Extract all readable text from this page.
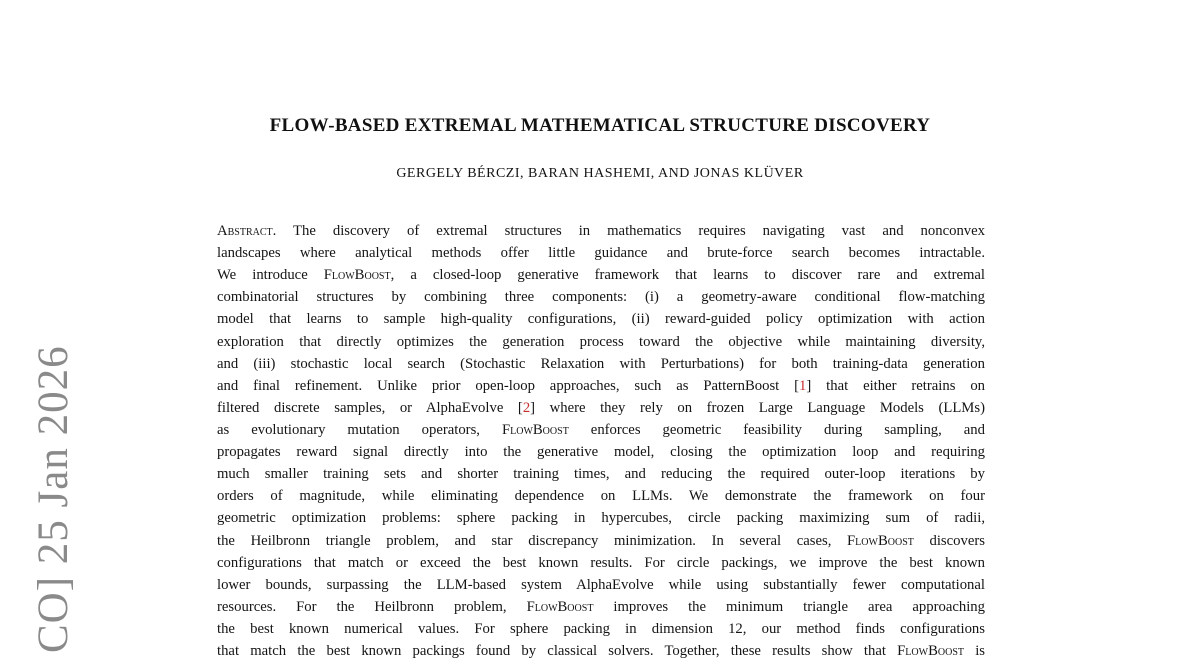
FLOW-BASED EXTREMAL MATHEMATICAL STRUCTURE DISCOVERY
GERGELY BÉRCZI, BARAN HASHEMI, AND JONAS KLÜVER
Abstract. The discovery of extremal structures in mathematics requires navigating vast and nonconvex
landscapes where analytical methods offer little guidance and brute-force search becomes intractable.
We introduce FlowBoost, a closed-loop generative framework that learns to discover rare and extremal
combinatorial structures by combining three components: (i) a geometry-aware conditional flow-matching
model that learns to sample high-quality configurations, (ii) reward-guided policy optimization with action
exploration that directly optimizes the generation process toward the objective while maintaining diversity,
and (iii) stochastic local search (Stochastic Relaxation with Perturbations) for both training-data generation
and final refinement. Unlike prior open-loop approaches, such as PatternBoost [1] that either retrains on
filtered discrete samples, or AlphaEvolve [2] where they rely on frozen Large Language Models (LLMs)
as evolutionary mutation operators, FlowBoost enforces geometric feasibility during sampling, and
propagates reward signal directly into the generative model, closing the optimization loop and requiring
much smaller training sets and shorter training times, and reducing the required outer-loop iterations by
orders of magnitude, while eliminating dependence on LLMs. We demonstrate the framework on four
geometric optimization problems: sphere packing in hypercubes, circle packing maximizing sum of radii,
the Heilbronn triangle problem, and star discrepancy minimization. In several cases, FlowBoost discovers
configurations that match or exceed the best known results. For circle packings, we improve the best known
lower bounds, surpassing the LLM-based system AlphaEvolve while using substantially fewer computational
resources. For the Heilbronn problem, FlowBoost improves the minimum triangle area approaching
the best known numerical values. For sphere packing in dimension 12, our method finds configurations
that match the best known packings found by classical solvers. Together, these results show that FlowBoost is
CO] 25 Jan 2026
